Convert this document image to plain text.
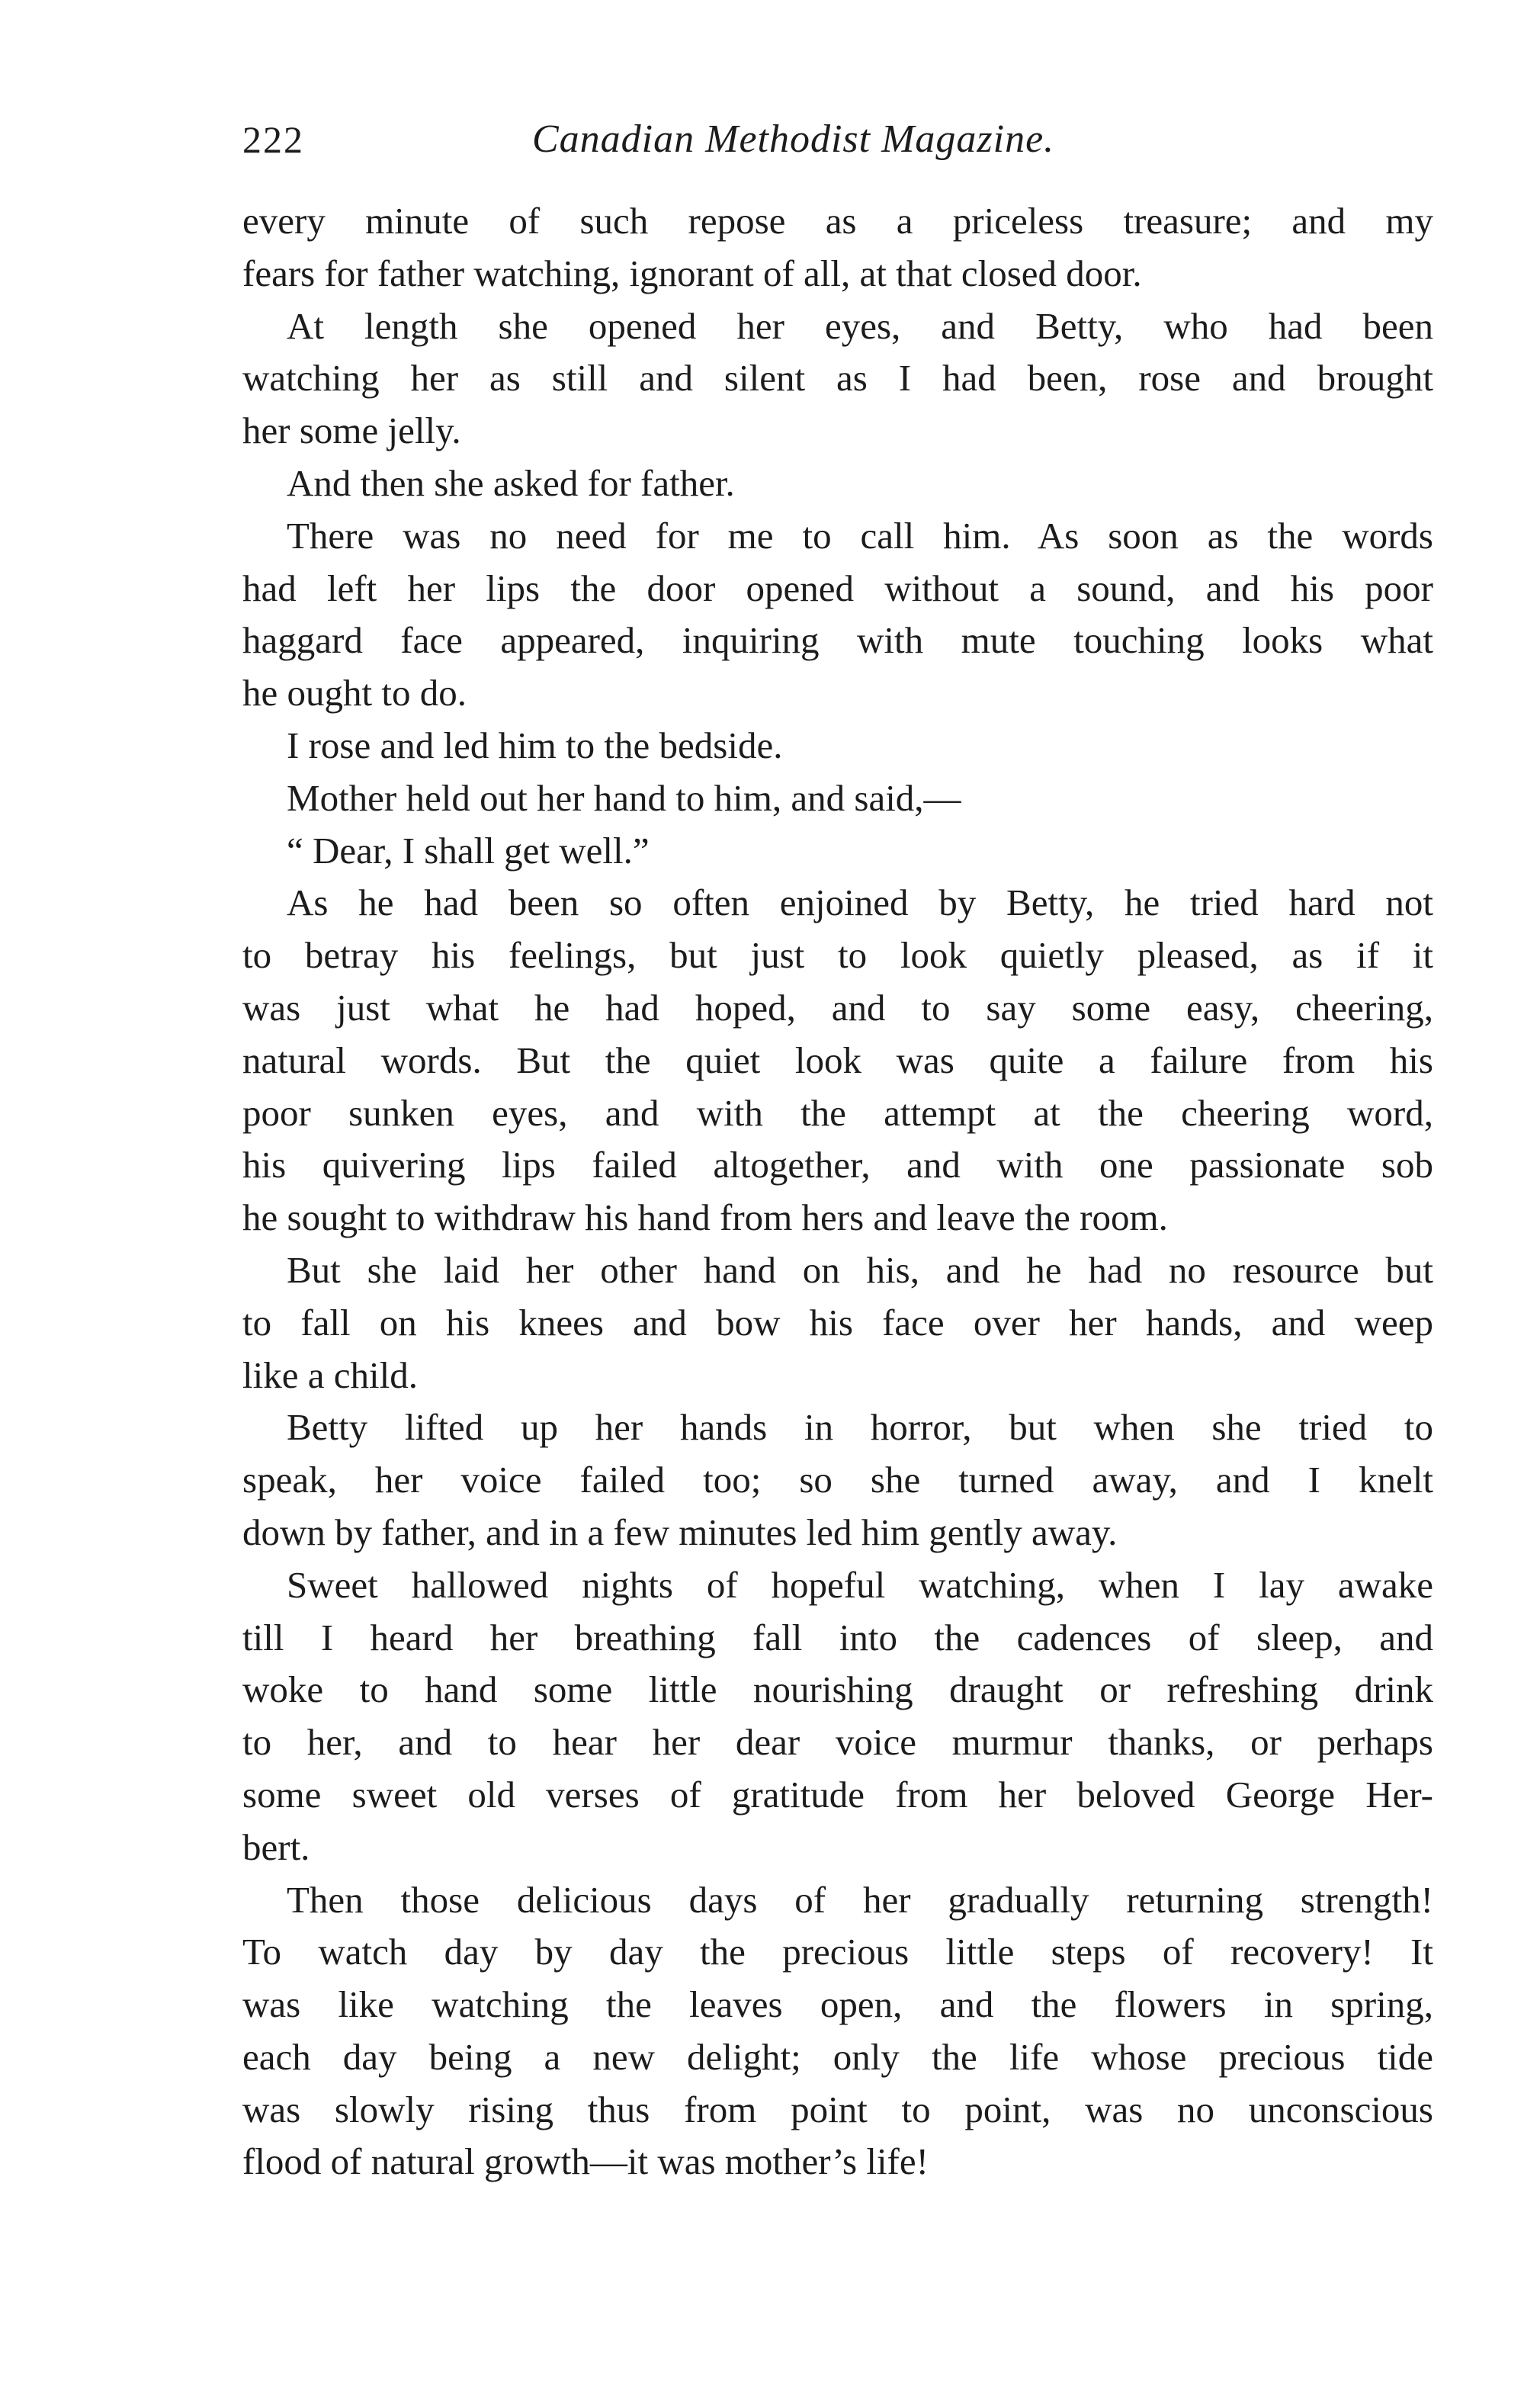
222	Canadian Methodist Magazine.
every minute of such repose as a priceless treasure; and my
fears for father watching, ignorant of all, at that closed door.
At length she opened her eyes, and Betty, who had been
watching her as still and silent as I had been, rose and brought
her some jelly.
And then she asked for father.
There was no need for me to call him. As soon as the words
had left her lips the door opened without a sound, and his poor
haggard face appeared, inquiring with mute touching looks what
he ought to do.
I rose and led him to the bedside.
Mother held out her hand to him, and said,—
“ Dear, I shall get well.”
As he had been so often enjoined by Betty, he tried hard not
to betray his feelings, but just to look quietly pleased, as if it
was just what he had hoped, and to say some easy, cheering,
natural words. But the quiet look was quite a failure from his
poor sunken eyes, and with the attempt at the cheering word,
his quivering lips failed altogether, and with one passionate sob
he sought to withdraw his hand from hers and leave the room.
But she laid her other hand on his, and he had no resource but
to fall on his knees and bow his face over her hands, and weep
like a child.
Betty lifted up her hands in horror, but when she tried to
speak, her voice failed too; so she turned away, and I knelt
down by father, and in a few minutes led him gently away.
Sweet hallowed nights of hopeful watching, when I lay awake
till I heard her breathing fall into the cadences of sleep, and
woke to hand some little nourishing draught or refreshing drink
to her, and to hear her dear voice murmur thanks, or perhaps
some sweet old verses of gratitude from her beloved George Her-
bert.
Then those delicious days of her gradually returning strength!
To watch day by day the precious little steps of recovery! It
was like watching the leaves open, and the flowers in spring,
each day being a new delight; only the life whose precious tide
was slowly rising thus from point to point, was no unconscious
flood of natural growth—it was mother’s life!
